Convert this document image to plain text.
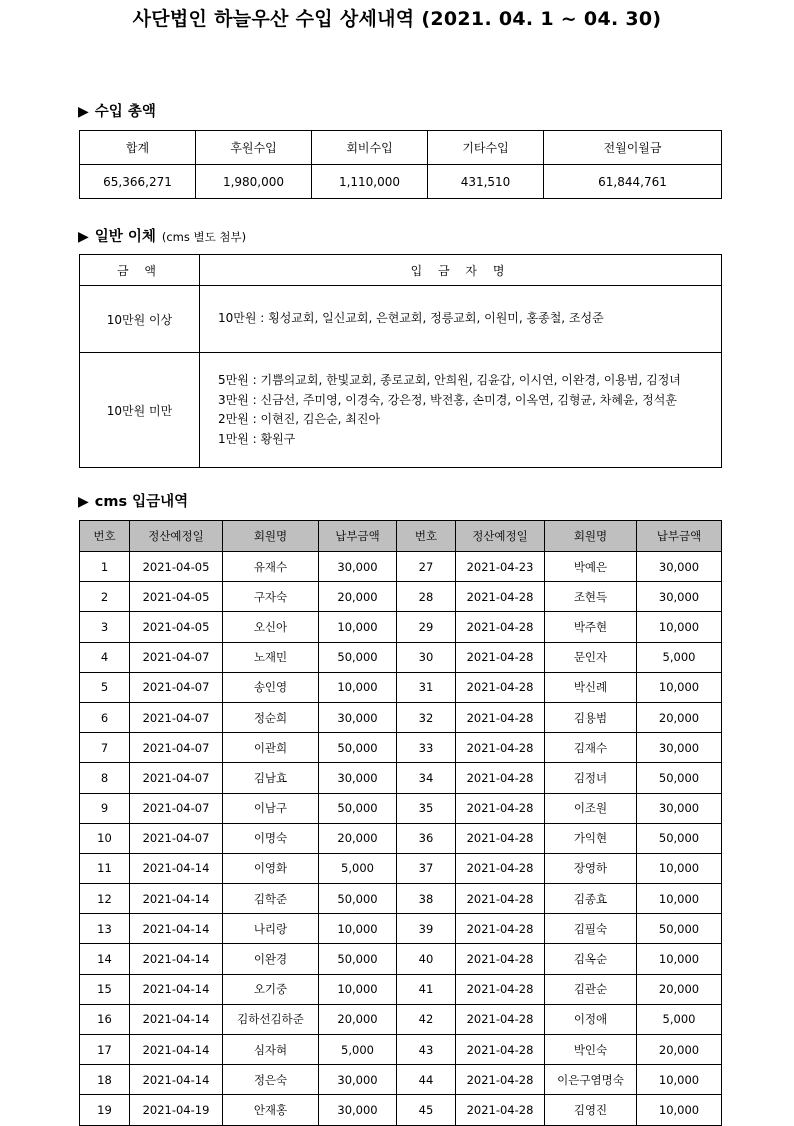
사단법인 하늘우산 수입 상세내역 (2021. 04. 1 ~ 04. 30)
▶ 수입 총액
합계	후원수입	회비수입	기타수입	전월이월금
65,366,271	1,980,000	1,110,000	431,510	61,844,761
▶ 일반 이체 (cms 별도 첨부)
금 액	입 금 자 명
10만원 이상	10만원 : 횡성교회, 일신교회, 은현교회, 정릉교회, 이원미, 홍종철, 조성준

10만원 미만	5만원 : 기쁨의교회, 한빛교회, 종로교회, 안희원, 김윤갑, 이시연, 이완경, 이용범, 김정녀
3만원 : 신금선, 주미영, 이경숙, 강은정, 박전홍, 손미경, 이옥연, 김형균, 차혜윤, 정석훈
2만원 : 이현진, 김은순, 최진아
1만원 : 황원구
▶ cms 입금내역
번호	정산예정일	회원명	납부금액	번호	정산예정일	회원명	납부금액
1	2021-04-05	유재수	30,000	27	2021-04-23	박예은	30,000
2	2021-04-05	구자숙	20,000	28	2021-04-28	조현득	30,000
3	2021-04-05	오신아	10,000	29	2021-04-28	박주현	10,000
4	2021-04-07	노재민	50,000	30	2021-04-28	문인자	5,000
5	2021-04-07	송인영	10,000	31	2021-04-28	박신례	10,000
6	2021-04-07	정순희	30,000	32	2021-04-28	김용범	20,000
7	2021-04-07	이관희	50,000	33	2021-04-28	김재수	30,000
8	2021-04-07	김남효	30,000	34	2021-04-28	김정녀	50,000
9	2021-04-07	이남구	50,000	35	2021-04-28	이조원	30,000
10	2021-04-07	이명숙	20,000	36	2021-04-28	가익현	50,000
11	2021-04-14	이영화	5,000	37	2021-04-28	장영하	10,000
12	2021-04-14	김학준	50,000	38	2021-04-28	김종효	10,000
13	2021-04-14	나리랑	10,000	39	2021-04-28	김필숙	50,000
14	2021-04-14	이완경	50,000	40	2021-04-28	김옥순	10,000
15	2021-04-14	오기중	10,000	41	2021-04-28	김관순	20,000
16	2021-04-14	김하선김하준	20,000	42	2021-04-28	이정애	5,000
17	2021-04-14	심자혀	5,000	43	2021-04-28	박인숙	20,000
18	2021-04-14	정은숙	30,000	44	2021-04-28	이은구염명숙	10,000
19	2021-04-19	안재홍	30,000	45	2021-04-28	김영진	10,000
